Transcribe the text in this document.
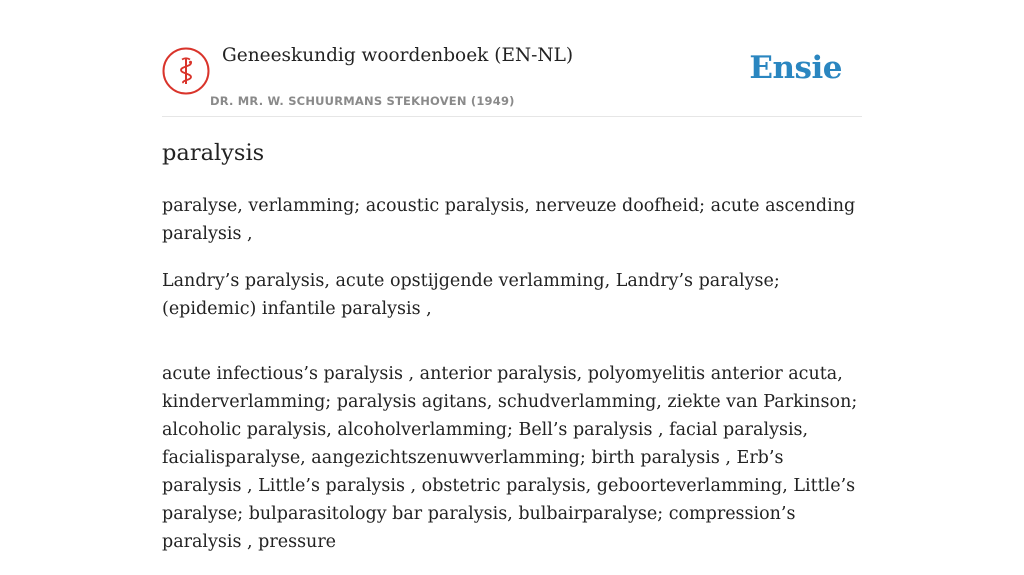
Geneeskundig woordenboek (EN-NL)
DR. MR. W. SCHUURMANS STEKHOVEN (1949)
Ensie
paralysis

paralyse, verlamming; acoustic paralysis, nerveuze doofheid; acute ascending paralysis ,

Landry’s paralysis, acute opstijgende verlamming, Landry’s paralyse; (epidemic) infantile paralysis ,

acute infectious’s paralysis , anterior paralysis, polyomyelitis anterior acuta, kinderverlamming; paralysis agitans, schudverlamming, ziekte van Parkinson; alcoholic paralysis, alcoholverlamming; Bell’s paralysis , facial paralysis, facialisparalyse, aangezichtszenuwverlamming; birth paralysis , Erb’s paralysis , Little’s paralysis , obstetric paralysis, geboorteverlamming, Little’s paralyse; bulparasitology bar paralysis, bulbairparalyse; compression’s paralysis , pressure
